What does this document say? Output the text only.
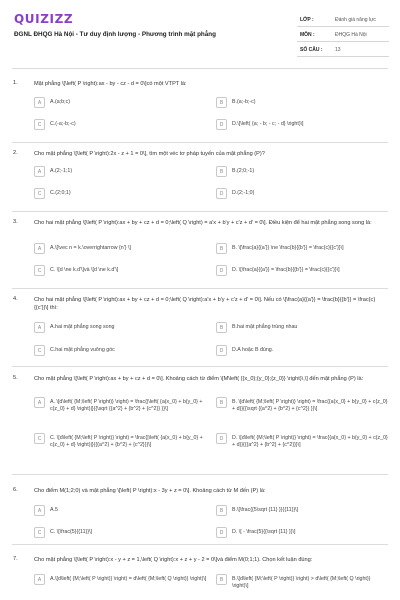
QUIZIZZ
ĐGNL ĐHQG Hà Nội - Tư duy định lượng - Phương trình mặt phẳng
LỚP :	Đánh giá năng lực
MÔN :	ĐHQG Hà Nội
SỐ CÂU :	13
1.	Mặt phẳng \[\left( P \right):ax - by - cz - d = 0\]có một VTPT là:
A	A.(a;b;c)	B	B.(a;-b;-c)
C	C.(-a;-b;-c)	D	D.\[\left( {a; - b; - c; - d} \right)\]
2.	Cho mặt phẳng \[\left( P \right):2x - z + 1 = 0\], tìm một véc tơ pháp tuyến của mặt phẳng (P)?
A	A.(2;-1;1)	B	B.(2;0;-1)
C	C.(2;0;1)	D	D.(2;-1;0)
3.	Cho hai mặt phẳng \[\left( P \right):ax + by + cz + d = 0;\left( Q \right) = a'x + b'y + c'z + d' = 0\]. Điều kiện để hai mặt phẳng song song là:
A	A.\[\vec n = k.\overrightarrow {n'} \]	B	B. \[\frac{a}{{a'}} \ne \frac{b}{{b'}} = \frac{c}{{c'}}\]
C	C. \[d \ne k.d'\]và \[d \ne k.d'\]	D	D. \[\frac{a}{{a'}} = \frac{b}{{b'}} = \frac{c}{{c'}}\]
4.	Cho hai mặt phẳng \[\left( P \right):ax + by + cz + d = 0;\left( Q \right):a'x + b'y + c'z + d' = 0\]. Nếu có \[\frac{a}{{a'}} = \frac{b}{{b'}} = \frac{c}{{c'}}\] thì:
A	A.hai mặt phẳng song song	B	B.hai mặt phẳng trùng nhau
C	C.hai mặt phẳng vuông góc	D	D.A hoặc B đúng.
5.	Cho mặt phẳng \[\left( P \right):ax + by + cz + d = 0\]. Khoảng cách từ điểm \[M\left( {{x_0};{y_0};{z_0}} \right)\,\] đến mặt phẳng (P) là:
A	A. \[d\left( {M;\left( P \right)} \right) = \frac{|\left( {a{x_0} + b{y_0} + c{z_0} + d} \right)|}{{\sqrt {{a^2} + {b^2} + {c^2}} }}\]
B	B. \[d\left( {M;\left( P \right)} \right) = \frac{{a{x_0} + b{y_0} + c{z_0} + d}}{{\sqrt {{a^2} + {b^2} + {c^2}} }}\]
C	C. \[d\left( {M;\left( P \right)} \right) = \frac{|\left( {a{x_0} + b{y_0} + c{z_0} + d} \right)|}{{{a^2} + {b^2} + {c^2}}}\]
D	D. \[d\left( {M;\left( P \right)} \right) = \frac{{a{x_0} + b{y_0} + c{z_0} + d}}{{{a^2} + {b^2} + {c^2}}}\]
6.	Cho điểm M(1;2;0) và mặt phẳng \[\left( P \right):x - 3y + z = 0\]. Khoảng cách từ M đến (P) là:
A	A.5	B	B.\[\frac{{5\sqrt {11} }}{{11}}\]
C	C. \[\frac{5}{{11}}\]	D	D. \[ - \frac{5}{{\sqrt {11} }}\]
7.	Cho mặt phẳng \[\left( P \right):x - y + z = 1,\left( Q \right):x + z + y - 2 = 0\]và điểm M(0;1;1). Chọn kết luận đúng:
A	A.\[d\left( {M;\left( P \right)} \right) = d\left( {M;\left( Q \right)} \right)\]	B	B.\[d\left( {M;\left( P \right)} \right) > d\left( {M;\left( Q \right)} \right)\]
